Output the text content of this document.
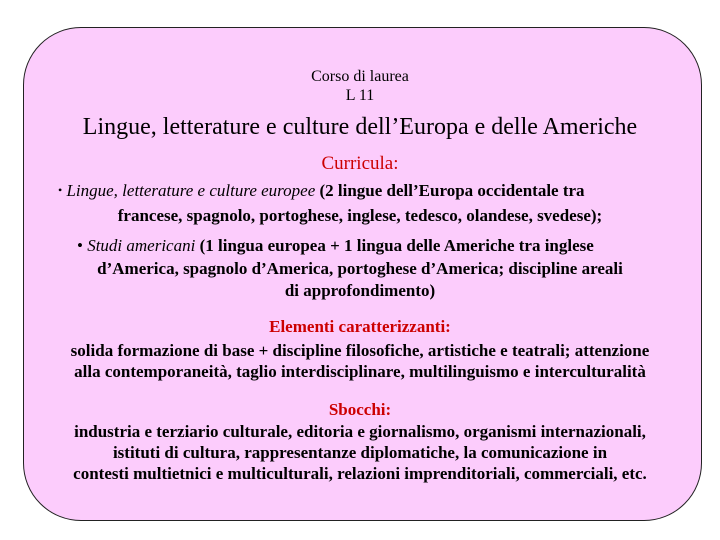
Corso di laurea
L 11
Lingue, letterature e culture dell’Europa e delle Americhe
Curricula:
• Lingue, letterature e culture europee (2 lingue dell’Europa occidentale tra
francese, spagnolo, portoghese, inglese, tedesco, olandese, svedese);
• Studi americani (1 lingua europea + 1 lingua delle Americhe tra inglese
d’America, spagnolo d’America, portoghese d’America; discipline areali
di approfondimento)
Elementi caratterizzanti:
solida formazione di base + discipline filosofiche, artistiche e teatrali; attenzione
alla contemporaneità, taglio interdisciplinare, multilinguismo e interculturalità
Sbocchi:
industria e terziario culturale, editoria e giornalismo, organismi internazionali,
istituti di cultura, rappresentanze diplomatiche, la comunicazione in
contesti multietnici e multiculturali, relazioni imprenditoriali, commerciali, etc.
